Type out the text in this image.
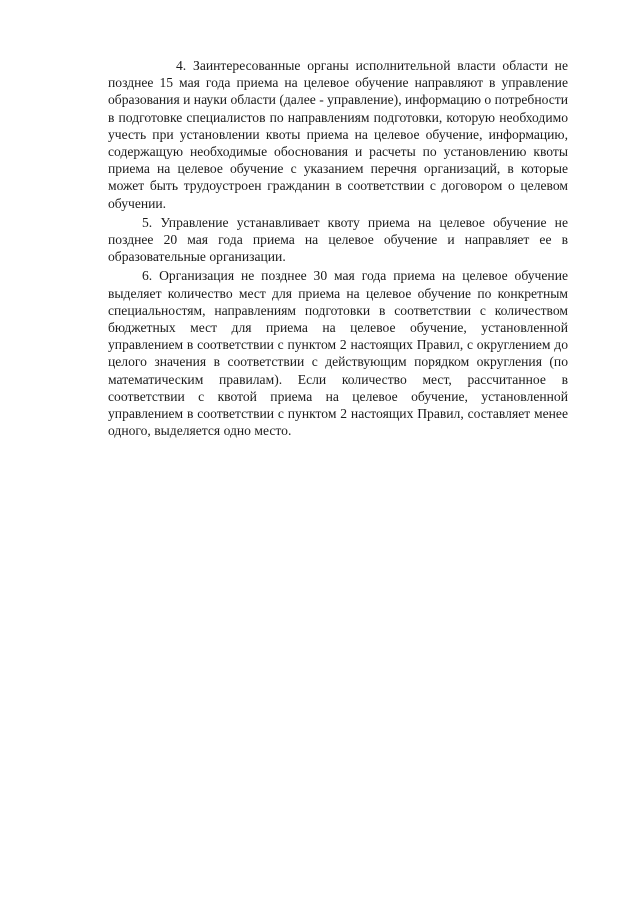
4. Заинтересованные органы исполнительной власти области не позднее 15 мая года приема на целевое обучение направляют в управление образования и науки области (далее - управление), информацию о потребности в подготовке специалистов по направлениям подготовки, которую необходимо учесть при установлении квоты приема на целевое обучение, информацию, содержащую необходимые обоснования и расчеты по установлению квоты приема на целевое обучение с указанием перечня организаций, в которые может быть трудоустроен гражданин в соответствии с договором о целевом обучении.

5. Управление устанавливает квоту приема на целевое обучение не позднее 20 мая года приема на целевое обучение и направляет ее в образовательные организации.

6. Организация не позднее 30 мая года приема на целевое обучение выделяет количество мест для приема на целевое обучение по конкретным специальностям, направлениям подготовки в соответствии с количеством бюджетных мест для приема на целевое обучение, установленной управлением в соответствии с пунктом 2 настоящих Правил, с округлением до целого значения в соответствии с действующим порядком округления (по математическим правилам). Если количество мест, рассчитанное в соответствии с квотой приема на целевое обучение, установленной управлением в соответствии с пунктом 2 настоящих Правил, составляет менее одного, выделяется одно место.
